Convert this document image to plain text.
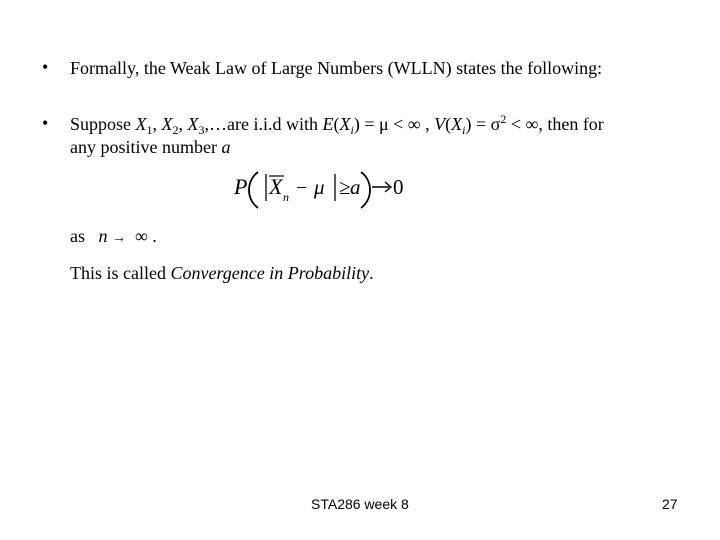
• Formally, the Weak Law of Large Numbers (WLLN) states the following:
• Suppose $X_1$, $X_2$, $X_3,\dots are$ i.i.d with $E(X_i) = \mu$ < ∞ , $V(X_i) = \sigma^2$ < ∞, then for
any positive number a
P X n − μ ≥ a 0
as n → ∞ .
This is called Convergence in Probability.
STA286 week 8	27
